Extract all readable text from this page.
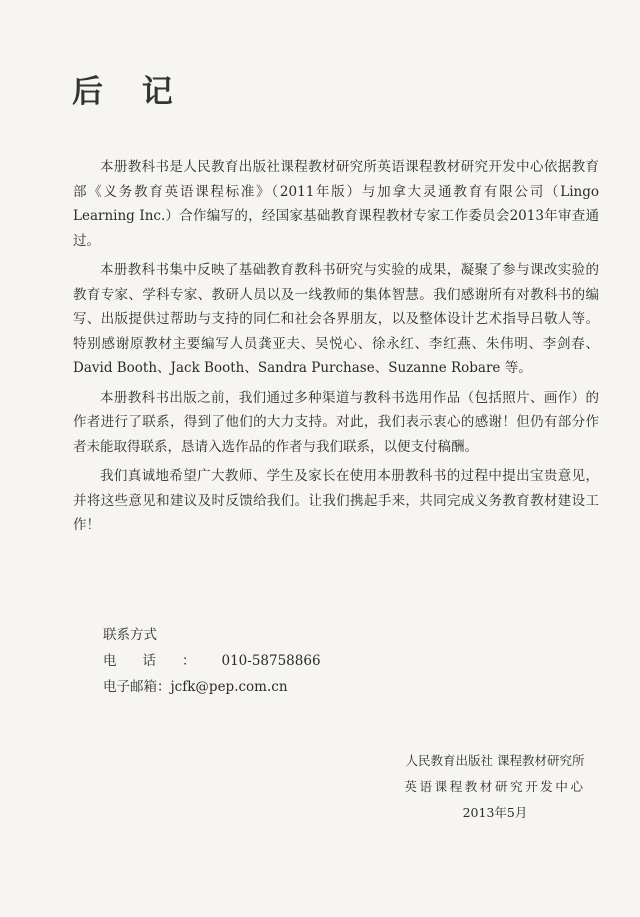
后 记

本册教科书是人民教育出版社课程教材研究所英语课程教材研究开发中心依据教育部《义务教育英语课程标准》（2011年版）与加拿大灵通教育有限公司（Lingo Learning Inc.）合作编写的，经国家基础教育课程教材专家工作委员会2013年审查通过。

本册教科书集中反映了基础教育教科书研究与实验的成果，凝聚了参与课改实验的教育专家、学科专家、教研人员以及一线教师的集体智慧。我们感谢所有对教科书的编写、出版提供过帮助与支持的同仁和社会各界朋友，以及整体设计艺术指导吕敬人等。特别感谢原教材主要编写人员龚亚夫、吴悦心、徐永红、李红燕、朱伟明、李剑春、David Booth、Jack Booth、Sandra Purchase、Suzanne Robare 等。

本册教科书出版之前，我们通过多种渠道与教科书选用作品（包括照片、画作）的作者进行了联系，得到了他们的大力支持。对此，我们表示衷心的感谢！但仍有部分作者未能取得联系，恳请入选作品的作者与我们联系，以便支付稿酬。

我们真诚地希望广大教师、学生及家长在使用本册教科书的过程中提出宝贵意见，并将这些意见和建议及时反馈给我们。让我们携起手来，共同完成义务教育教材建设工作！

联系方式
电话： 010-58758866
电子邮箱： jcfk@pep.com.cn
人民教育出版社 课程教材研究所
英语课程教材研究开发中心
2013年5月
